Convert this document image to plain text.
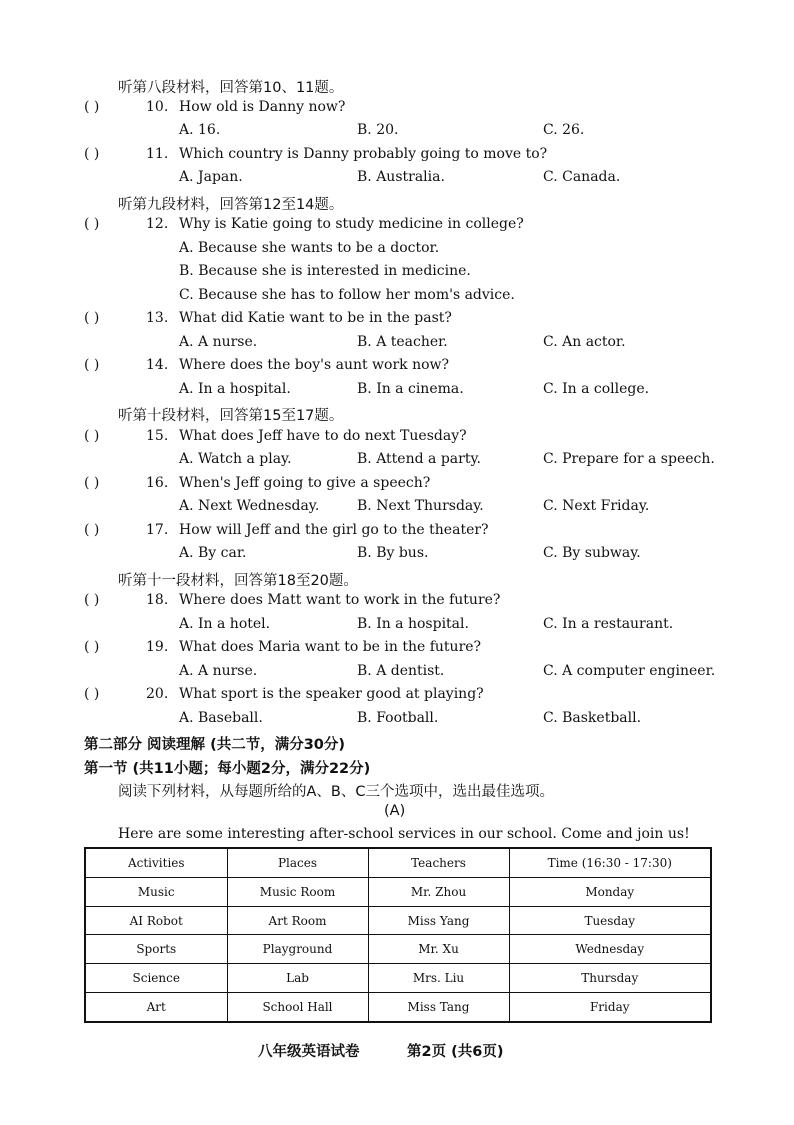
听第八段材料，回答第10、11题。
( )	10. How old is Danny now?
A. 16.	B. 20.	C. 26.
( )	11. Which country is Danny probably going to move to?
A. Japan.	B. Australia.	C. Canada.
听第九段材料，回答第12至14题。
( )	12. Why is Katie going to study medicine in college?
A. Because she wants to be a doctor.
B. Because she is interested in medicine.
C. Because she has to follow her mom's advice.
( )	13. What did Katie want to be in the past?
A. A nurse.	B. A teacher.	C. An actor.
( )	14. Where does the boy's aunt work now?
A. In a hospital.	B. In a cinema.	C. In a college.
听第十段材料，回答第15至17题。
( )	15. What does Jeff have to do next Tuesday?
A. Watch a play.	B. Attend a party.	C. Prepare for a speech.
( )	16. When's Jeff going to give a speech?
A. Next Wednesday.	B. Next Thursday.	C. Next Friday.
( )	17. How will Jeff and the girl go to the theater?
A. By car.	B. By bus.	C. By subway.
听第十一段材料，回答第18至20题。
( )	18. Where does Matt want to work in the future?
A. In a hotel.	B. In a hospital.	C. In a restaurant.
( )	19. What does Maria want to be in the future?
A. A nurse.	B. A dentist.	C. A computer engineer.
( )	20. What sport is the speaker good at playing?
A. Baseball.	B. Football.	C. Basketball.
第二部分 阅读理解 (共二节，满分30分)
第一节 (共11小题；每小题2分，满分22分)
阅读下列材料，从每题所给的A、B、C三个选项中，选出最佳选项。
(A)
Here are some interesting after-school services in our school. Come and join us!
Activities	Places	Teachers	Time (16:30 - 17:30)
Music	Music Room	Mr. Zhou	Monday
AI Robot	Art Room	Miss Yang	Tuesday
Sports	Playground	Mr. Xu	Wednesday
Science	Lab	Mrs. Liu	Thursday
Art	School Hall	Miss Tang	Friday
八年级英语试卷	第2页 (共6页)
